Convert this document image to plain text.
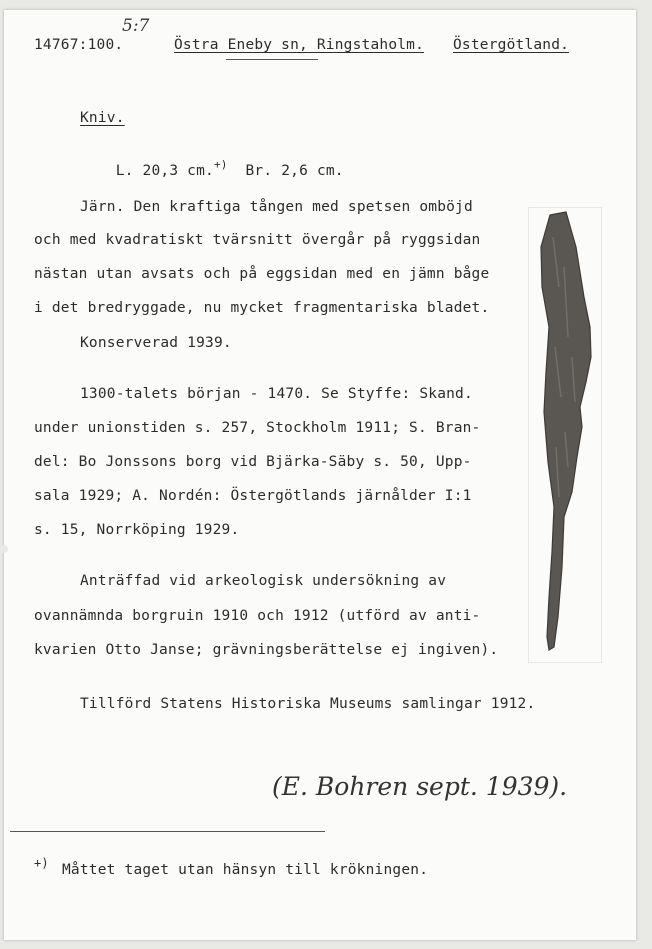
14767:100.
5:7
Östra Eneby sn, Ringstaholm. Östergötland.
Kniv.

L. 20,3 cm.+) Br. 2,6 cm.

Järn. Den kraftiga tången med spetsen omböjd
och med kvadratiskt tvärsnitt övergår på ryggsidan
nästan utan avsats och på eggsidan med en jämn båge
i det bredryggade, nu mycket fragmentariska bladet.
Konserverad 1939.
1300-talets början - 1470. Se Styffe: Skand.
under unionstiden s. 257, Stockholm 1911; S. Bran-
del: Bo Jonssons borg vid Bjärka-Säby s. 50, Upp-
sala 1929; A. Nordén: Östergötlands järnålder I:1
s. 15, Norrköping 1929.
Anträffad vid arkeologisk undersökning av
ovannämnda borgruin 1910 och 1912 (utförd av anti-
kvarien Otto Janse; grävningsberättelse ej ingiven).
Tillförd Statens Historiska Museums samlingar 1912.
(E. Bohren sept. 1939).
+) Måttet taget utan hänsyn till krökningen.
